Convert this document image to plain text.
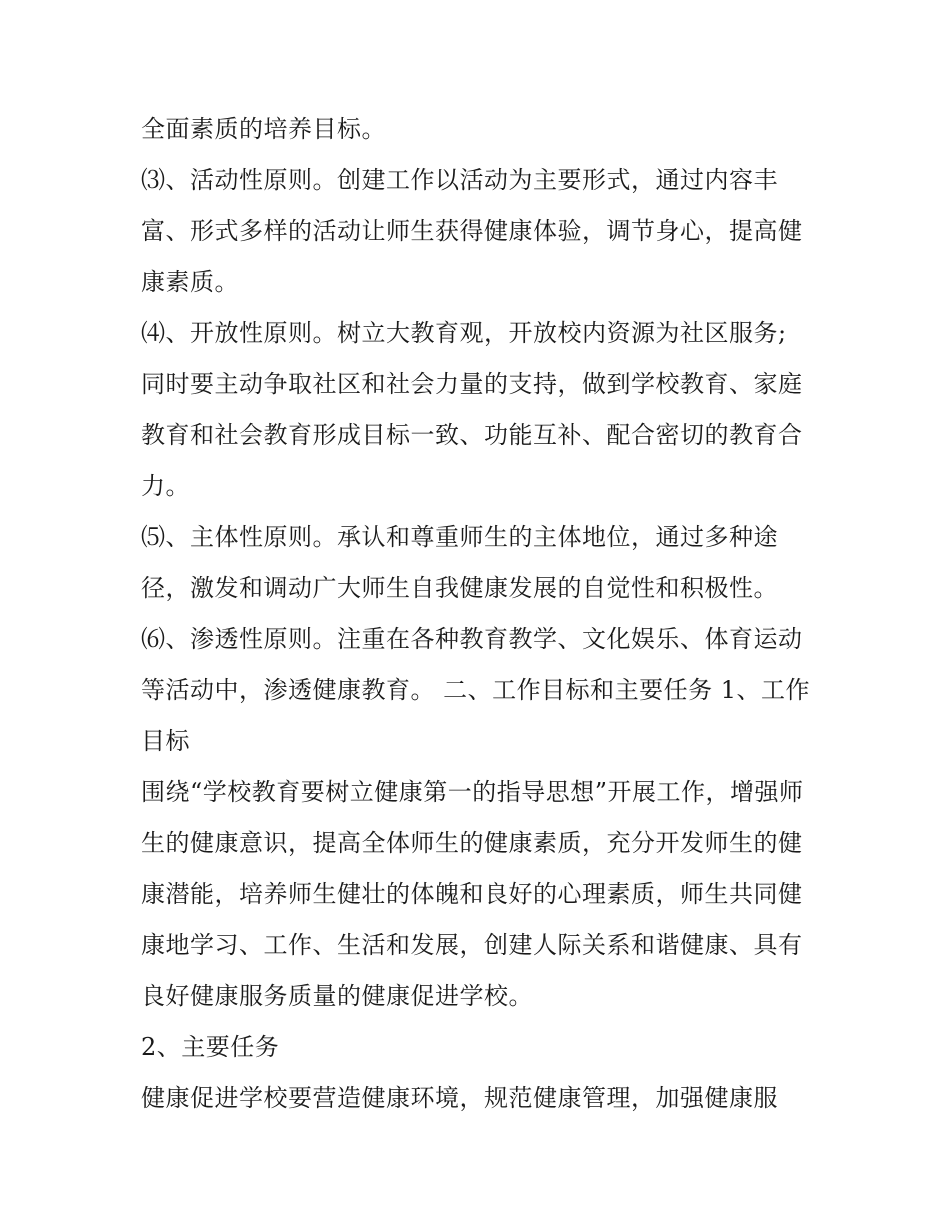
全面素质的培养目标。
⑶、活动性原则。创建工作以活动为主要形式，通过内容丰
富、形式多样的活动让师生获得健康体验，调节身心，提高健
康素质。
⑷、开放性原则。树立大教育观，开放校内资源为社区服务;
同时要主动争取社区和社会力量的支持，做到学校教育、家庭
教育和社会教育形成目标一致、功能互补、配合密切的教育合
力。
⑸、主体性原则。承认和尊重师生的主体地位，通过多种途
径，激发和调动广大师生自我健康发展的自觉性和积极性。
⑹、渗透性原则。注重在各种教育教学、文化娱乐、体育运动
等活动中，渗透健康教育。 二、工作目标和主要任务 1、工作
目标
围绕“学校教育要树立健康第一的指导思想”开展工作，增强师
生的健康意识，提高全体师生的健康素质，充分开发师生的健
康潜能，培养师生健壮的体魄和良好的心理素质，师生共同健
康地学习、工作、生活和发展，创建人际关系和谐健康、具有
良好健康服务质量的健康促进学校。
2、主要任务
健康促进学校要营造健康环境，规范健康管理，加强健康服
